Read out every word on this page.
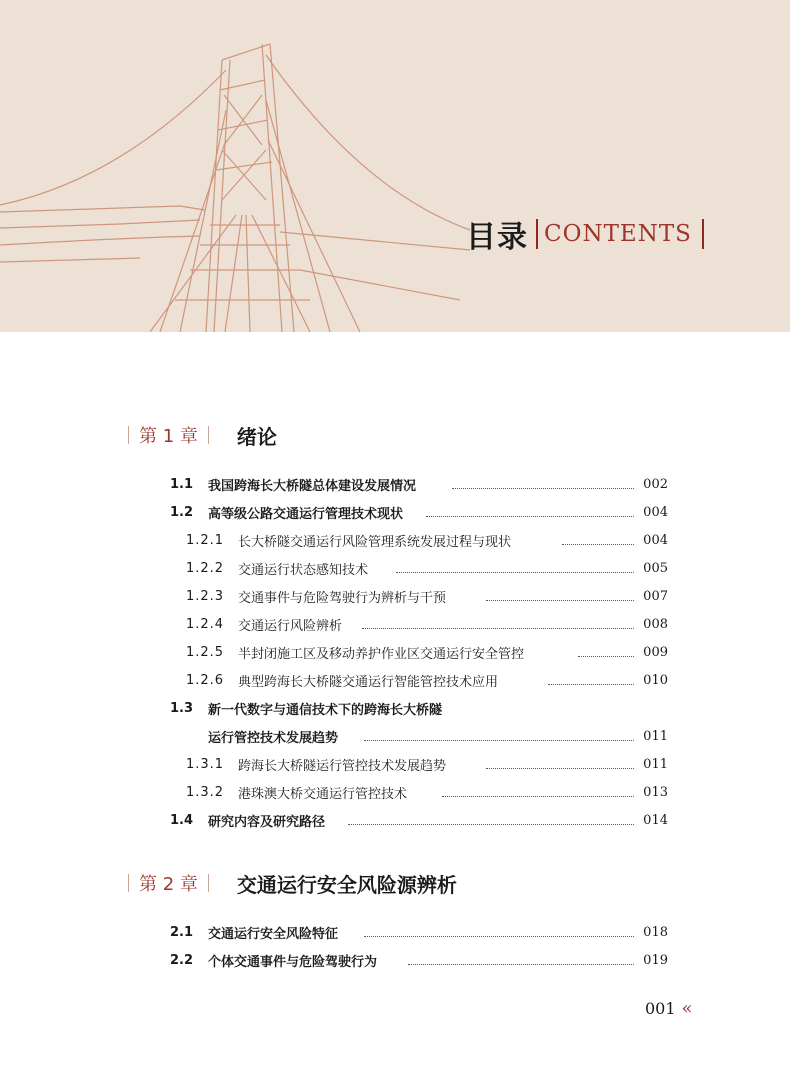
目录 CONTENTS
第 1 章 绪论
1.1 我国跨海长大桥隧总体建设发展情况	002
1.2 高等级公路交通运行管理技术现状	004
1.2.1 长大桥隧交通运行风险管理系统发展过程与现状	004
1.2.2 交通运行状态感知技术	005
1.2.3 交通事件与危险驾驶行为辨析与干预	007
1.2.4 交通运行风险辨析	008
1.2.5 半封闭施工区及移动养护作业区交通运行安全管控	009
1.2.6 典型跨海长大桥隧交通运行智能管控技术应用	010
1.3 新一代数字与通信技术下的跨海长大桥隧
运行管控技术发展趋势	011
1.3.1 跨海长大桥隧运行管控技术发展趋势	011
1.3.2 港珠澳大桥交通运行管控技术	013
1.4 研究内容及研究路径	014
第 2 章 交通运行安全风险源辨析
2.1 交通运行安全风险特征	018
2.2 个体交通事件与危险驾驶行为	019
001 «
